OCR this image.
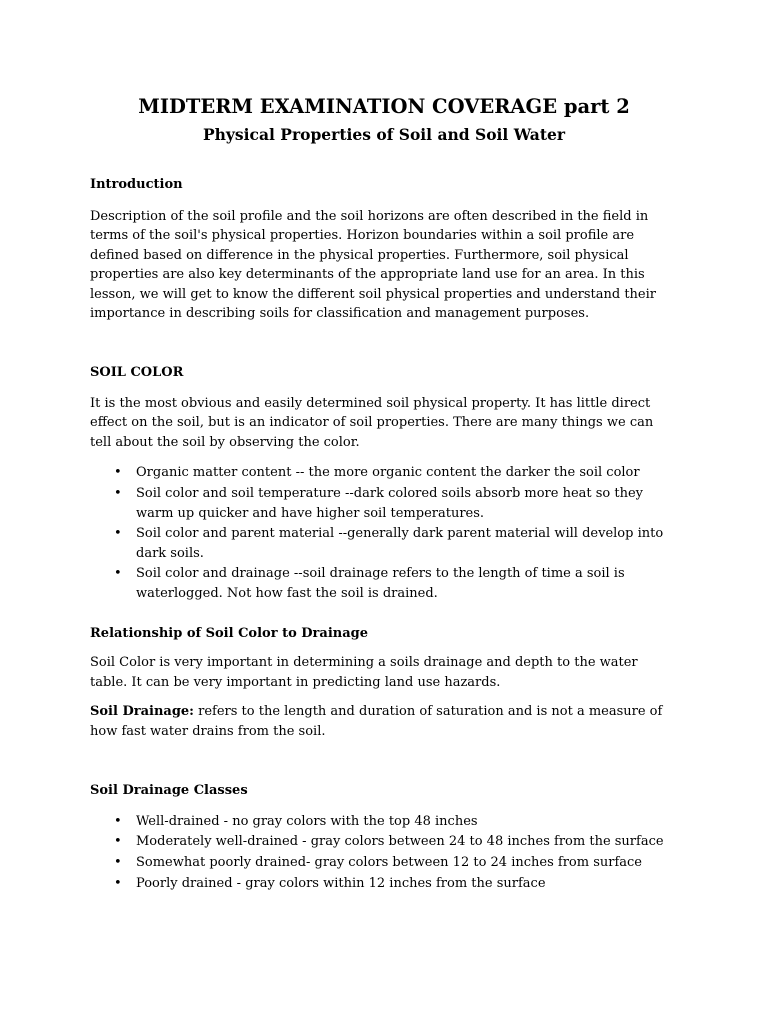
MIDTERM EXAMINATION COVERAGE part 2
Physical Properties of Soil and Soil Water
Introduction

Description of the soil profile and the soil horizons are often described in the field in terms of the soil's physical properties. Horizon boundaries within a soil profile are defined based on difference in the physical properties. Furthermore, soil physical properties are also key determinants of the appropriate land use for an area. In this lesson, we will get to know the different soil physical properties and understand their importance in describing soils for classification and management purposes.

SOIL COLOR

It is the most obvious and easily determined soil physical property. It has little direct effect on the soil, but is an indicator of soil properties. There are many things we can tell about the soil by observing the color.

• Organic matter content -- the more organic content the darker the soil color
• Soil color and soil temperature --dark colored soils absorb more heat so they warm up quicker and have higher soil temperatures.
• Soil color and parent material --generally dark parent material will develop into dark soils.
• Soil color and drainage --soil drainage refers to the length of time a soil is waterlogged. Not how fast the soil is drained.
Relationship of Soil Color to Drainage

Soil Color is very important in determining a soils drainage and depth to the water table. It can be very important in predicting land use hazards.

Soil Drainage: refers to the length and duration of saturation and is not a measure of how fast water drains from the soil.

Soil Drainage Classes
• Well-drained - no gray colors with the top 48 inches
• Moderately well-drained - gray colors between 24 to 48 inches from the surface
• Somewhat poorly drained- gray colors between 12 to 24 inches from surface
• Poorly drained - gray colors within 12 inches from the surface
